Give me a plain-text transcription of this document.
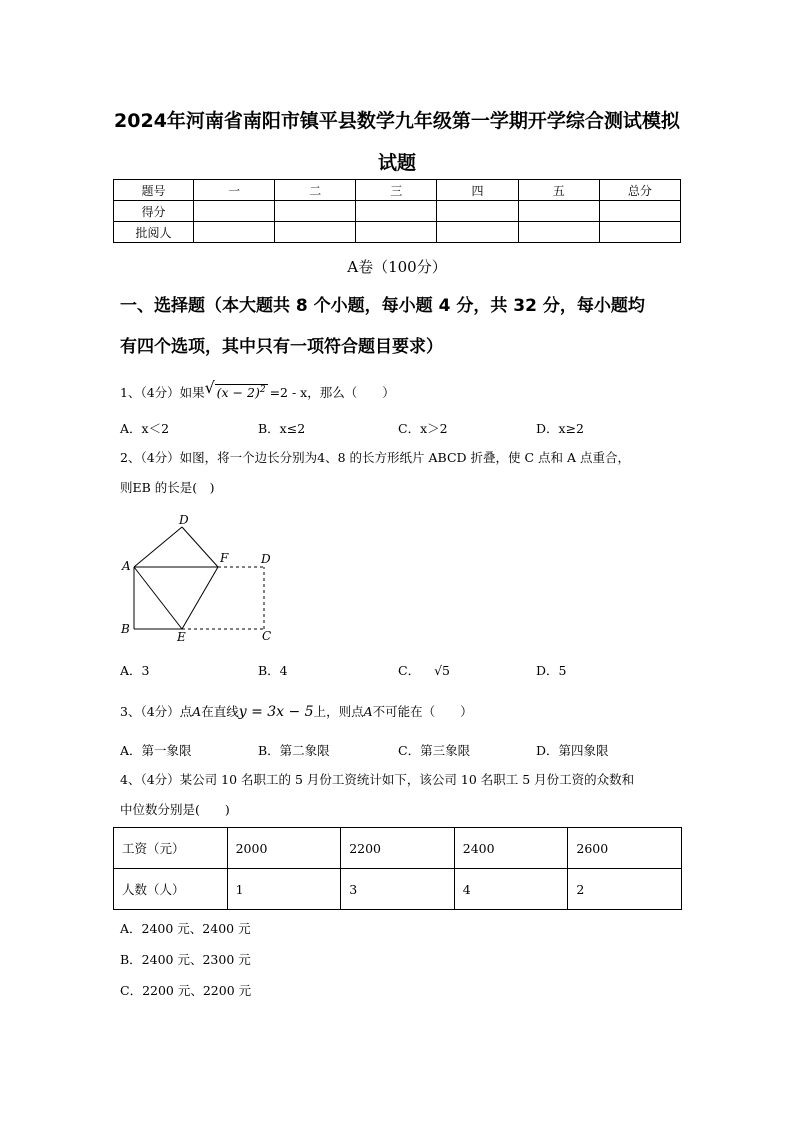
2024年河南省南阳市镇平县数学九年级第一学期开学综合测试模拟
试题
题号	一	二	三	四	五	总分
得分						
批阅人						
A卷（100分）
一、选择题（本大题共 8 个小题，每小题 4 分，共 32 分，每小题均
有四个选项，其中只有一项符合题目要求）
1、（4分）如果 √ $(x - 2)^2 =2 - x$，那么（　　）
A．x＜2	B．x≤2	C．x＞2	D．x≥2
2、（4分）如图，将一个边长分别为4、8 的长方形纸片 ABCD 折叠，使 C 点和 A 点重合，
则EB 的长是(　)
D
A
F	D
B
E	C
A．3	B．4	C． √5	D．5
3、（4分）点A在直线y = 3x − 5上，则点A不可能在（　　）
A．第一象限	B．第二象限	C．第三象限	D．第四象限
4、（4分）某公司 10 名职工的 5 月份工资统计如下，该公司 10 名职工 5 月份工资的众数和
中位数分别是(　　)
工资（元）	2000	2200	2400	2600
人数（人）	1	3	4	2
A．2400 元、2400 元
B．2400 元、2300 元
C．2200 元、2200 元
